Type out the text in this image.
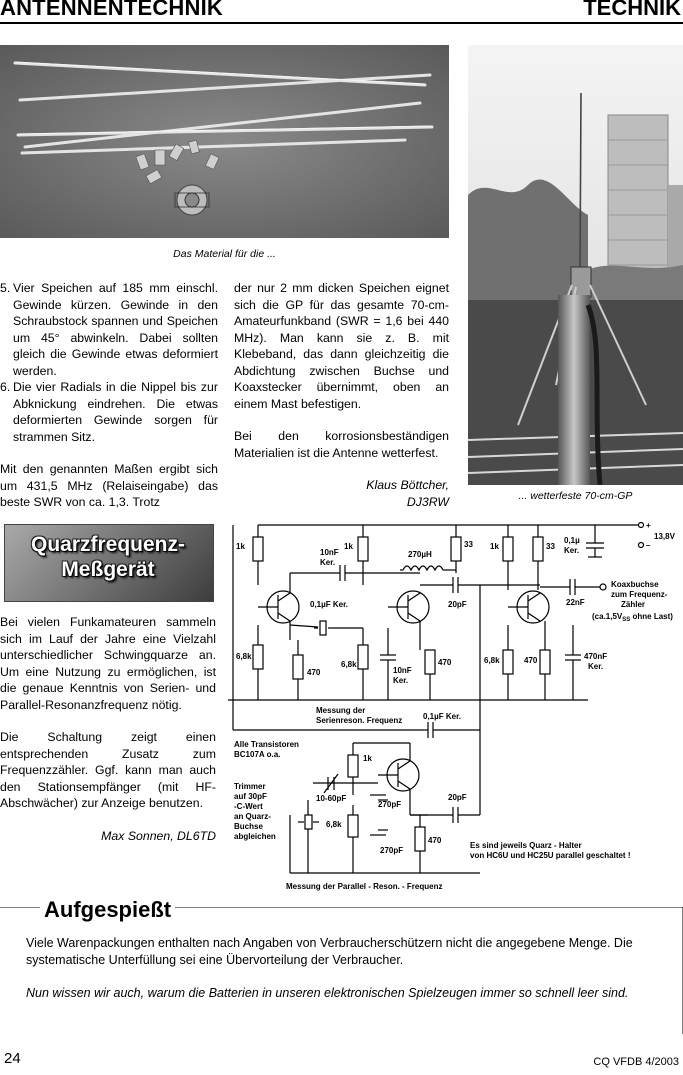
ANTENNENTECHNIK	TECHNIK
Das Material für die ...
... wetterfeste 70-cm-GP
5. Vier Speichen auf 185 mm einschl. Gewinde kürzen. Gewinde in den Schraubstock spannen und Speichen um 45° abwinkeln. Dabei sollten gleich die Gewinde etwas deformiert werden.
6. Die vier Radials in die Nippel bis zur Abknickung eindrehen. Die etwas deformierten Gewinde sorgen für strammen Sitz.
Mit den genannten Maßen ergibt sich um 431,5 MHz (Relaiseingabe) das beste SWR von ca. 1,3. Trotz
der nur 2 mm dicken Speichen eignet sich die GP für das gesamte 70-cm-Amateurfunkband (SWR = 1,6 bei 440 MHz). Man kann sie z. B. mit Klebeband, das dann gleichzeitig die Abdichtung zwischen Buchse und Koaxstecker übernimmt, oben an einem Mast befestigen.
Bei den korrosionsbeständigen Materialien ist die Antenne wetterfest.
Klaus Böttcher,
DJ3RW
Quarzfrequenz-
Meßgerät
Bei vielen Funkamateuren sammeln sich im Lauf der Jahre eine Vielzahl unterschiedlicher Schwingquarze an. Um eine Nutzung zu ermöglichen, ist die genaue Kenntnis von Serien- und Parallel-Resonanzfrequenz nötig.
Die Schaltung zeigt einen entsprechenden Zusatz zum Frequenzzähler. Ggf. kann man auch den Stationsempfänger (mit HF-Abschwächer) zur Anzeige benutzen.
Max Sonnen, DL6TD
1k
10nF
Ker.
1k
270µH
33 1k	33
0,1µ
Ker.
+
13,8V
–
0,1µF Ker.	20pF	22nF
Koaxbuchse
zum Frequenz-
Zähler
($ca.1,5V_{SS}$ ohne Last)
6,8k
470
6,8k
10nF
Ker.
470	6,8k	470	470nF
Ker.
Messung der
Serienreson. Frequenz	0,1µF Ker.
Alle Transistoren
BC107A o.a.	1k
Trimmer
auf 30pF
-C-Wert
an Quarz-
Buchse
abgleichen
10-60pF
270pF
20pF
6,8k
470
270pF
Es sind jeweils Quarz - Halter
von HC6U und HC25U parallel geschaltet !
Messung der Parallel - Reson. - Frequenz
Aufgespießt
Viele Warenpackungen enthalten nach Angaben von Verbraucherschützern nicht die angegebene Menge. Die systematische Unterfüllung sei eine Übervorteilung der Verbraucher.
Nun wissen wir auch, warum die Batterien in unseren elektronischen Spielzeugen immer so schnell leer sind.
24	CQ VFDB 4/2003
